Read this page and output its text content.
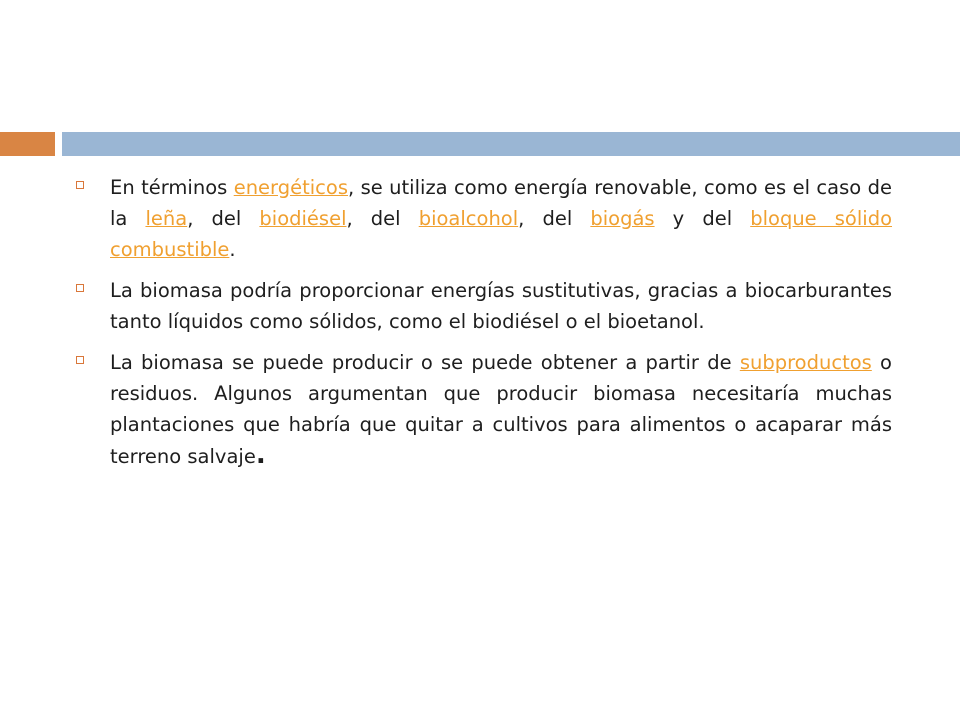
En términos energéticos, se utiliza como energía renovable, como es el caso de la leña, del biodiésel, del bioalcohol, del biogás y del bloque sólido combustible.
La biomasa podría proporcionar energías sustitutivas, gracias a biocarburantes tanto líquidos como sólidos, como el biodiésel o el bioetanol.
La biomasa se puede producir o se puede obtener a partir de subproductos o residuos. Algunos argumentan que producir biomasa necesitaría muchas plantaciones que habría que quitar a cultivos para alimentos o acaparar más terreno salvaje.
